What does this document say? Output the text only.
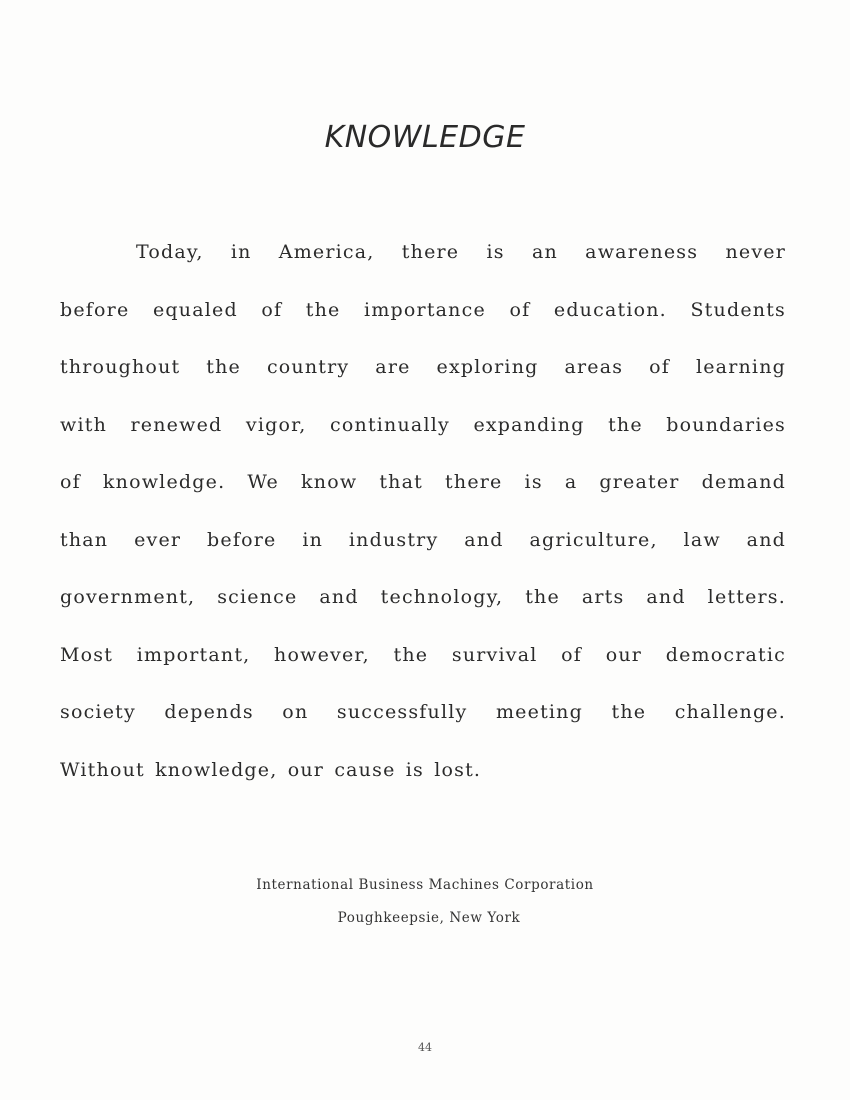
KNOWLEDGE
Today, in America, there is an awareness never
before equaled of the importance of education. Students
throughout the country are exploring areas of learning
with renewed vigor, continually expanding the boundaries
of knowledge. We know that there is a greater demand
than ever before in industry and agriculture, law and
government, science and technology, the arts and letters.
Most important, however, the survival of our democratic
society depends on successfully meeting the challenge.
Without knowledge, our cause is lost.
International Business Machines Corporation
Poughkeepsie, New York
44
